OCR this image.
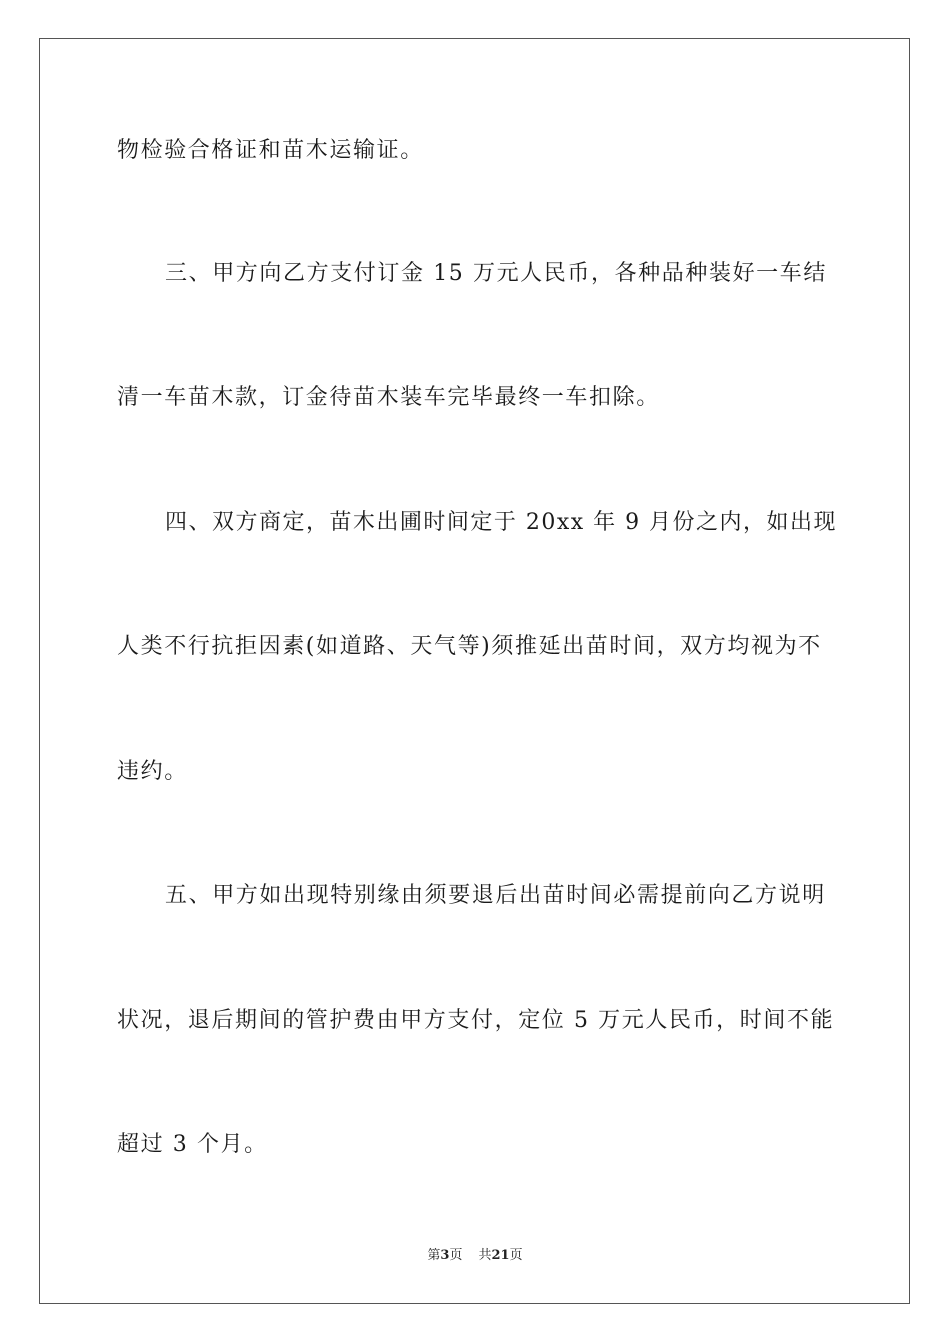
物检验合格证和苗木运输证。
三、甲方向乙方支付订金 15 万元人民币，各种品种装好一车结
清一车苗木款，订金待苗木装车完毕最终一车扣除。
四、双方商定，苗木出圃时间定于 20xx 年 9 月份之内，如出现
人类不行抗拒因素(如道路、天气等)须推延出苗时间，双方均视为不
违约。
五、甲方如出现特别缘由须要退后出苗时间必需提前向乙方说明
状况，退后期间的管护费由甲方支付，定位 5 万元人民币，时间不能
超过 3 个月。
第3页 共21页
